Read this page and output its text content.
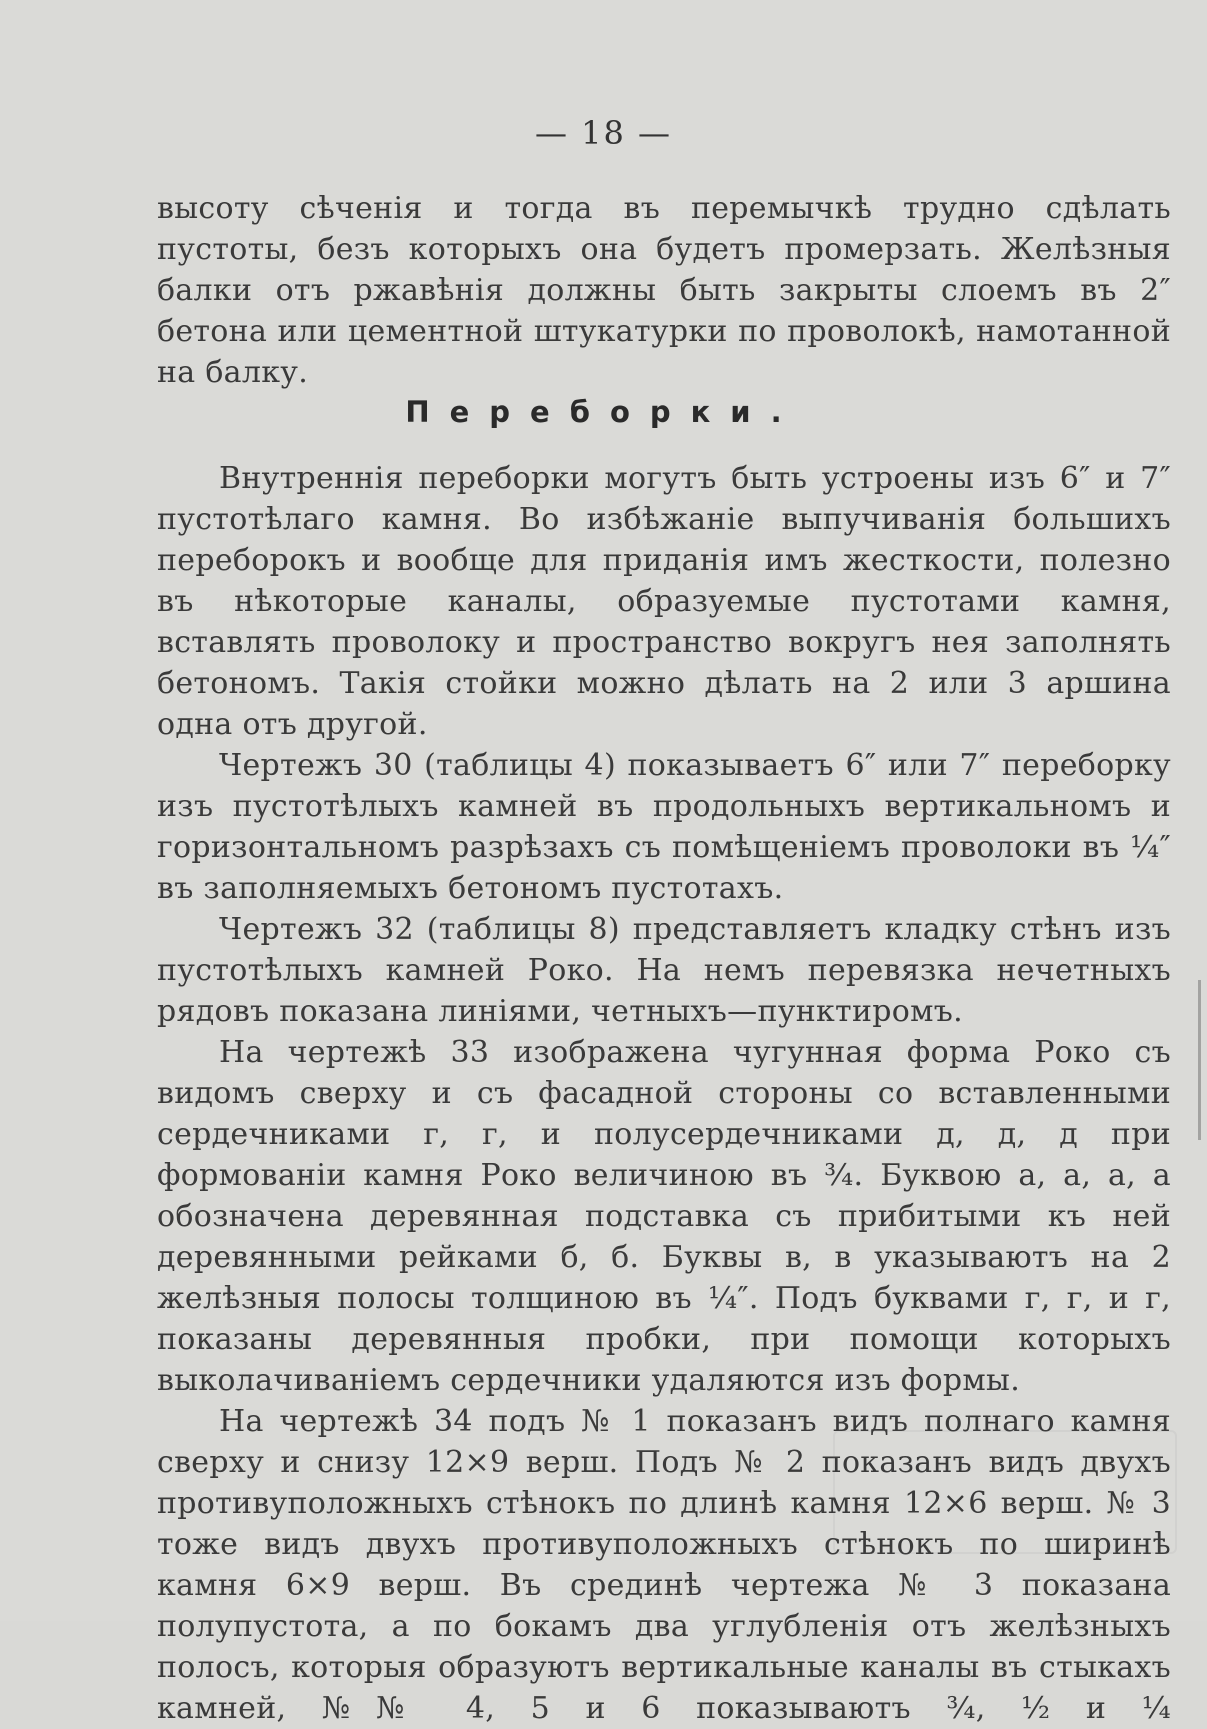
— 18 —
высоту сѣченія и тогда въ перемычкѣ трудно сдѣлать пустоты, безъ которыхъ она будетъ промерзать. Желѣзныя балки отъ ржавѣнія должны быть закрыты слоемъ въ 2″ бетона или цементной штукатурки по проволокѣ, намотанной на балку.
Переборки.

Внутреннія переборки могутъ быть устроены изъ 6″ и 7″ пустотѣлаго камня. Во избѣжаніе выпучиванія большихъ переборокъ и вообще для приданія имъ жесткости, полезно въ нѣкоторые каналы, образуемые пустотами камня, вставлять проволоку и пространство вокругъ нея заполнять бетономъ. Такія стойки можно дѣлать на 2 или 3 аршина одна отъ другой.

Чертежъ 30 (таблицы 4) показываетъ 6″ или 7″ переборку изъ пустотѣлыхъ камней въ продольныхъ вертикальномъ и горизонтальномъ разрѣзахъ съ помѣщеніемъ проволоки въ ¼″ въ заполняемыхъ бетономъ пустотахъ.

Чертежъ 32 (таблицы 8) представляетъ кладку стѣнъ изъ пустотѣлыхъ камней Роко. На немъ перевязка нечетныхъ рядовъ показана линіями, четныхъ—пунктиромъ.

На чертежѣ 33 изображена чугунная форма Роко съ видомъ сверху и съ фасадной стороны со вставленными сердечниками г, г, и полусердечниками д, д, д при формованіи камня Роко величиною въ ¾. Буквою а, а, а, а обозначена деревянная подставка съ прибитыми къ ней деревянными рейками б, б. Буквы в, в указываютъ на 2 желѣзныя полосы толщиною въ ¼″. Подъ буквами г, г, и г, показаны деревянныя пробки, при помощи которыхъ выколачиваніемъ сердечники удаляются изъ формы.

На чертежѣ 34 подъ № 1 показанъ видъ полнаго камня сверху и снизу 12×9 верш. Подъ № 2 показанъ видъ двухъ противуположныхъ стѣнокъ по длинѣ камня 12×6 верш. № 3 тоже видъ двухъ противуположныхъ стѣнокъ по ширинѣ камня 6×9 верш. Въ срединѣ чертежа № 3 показана полупустота, а по бокамъ два углубленія отъ желѣзныхъ полосъ, которыя образуютъ вертикальные каналы въ стыкахъ камней, №№ 4, 5 и 6 показываютъ ¾, ½ и ¼
